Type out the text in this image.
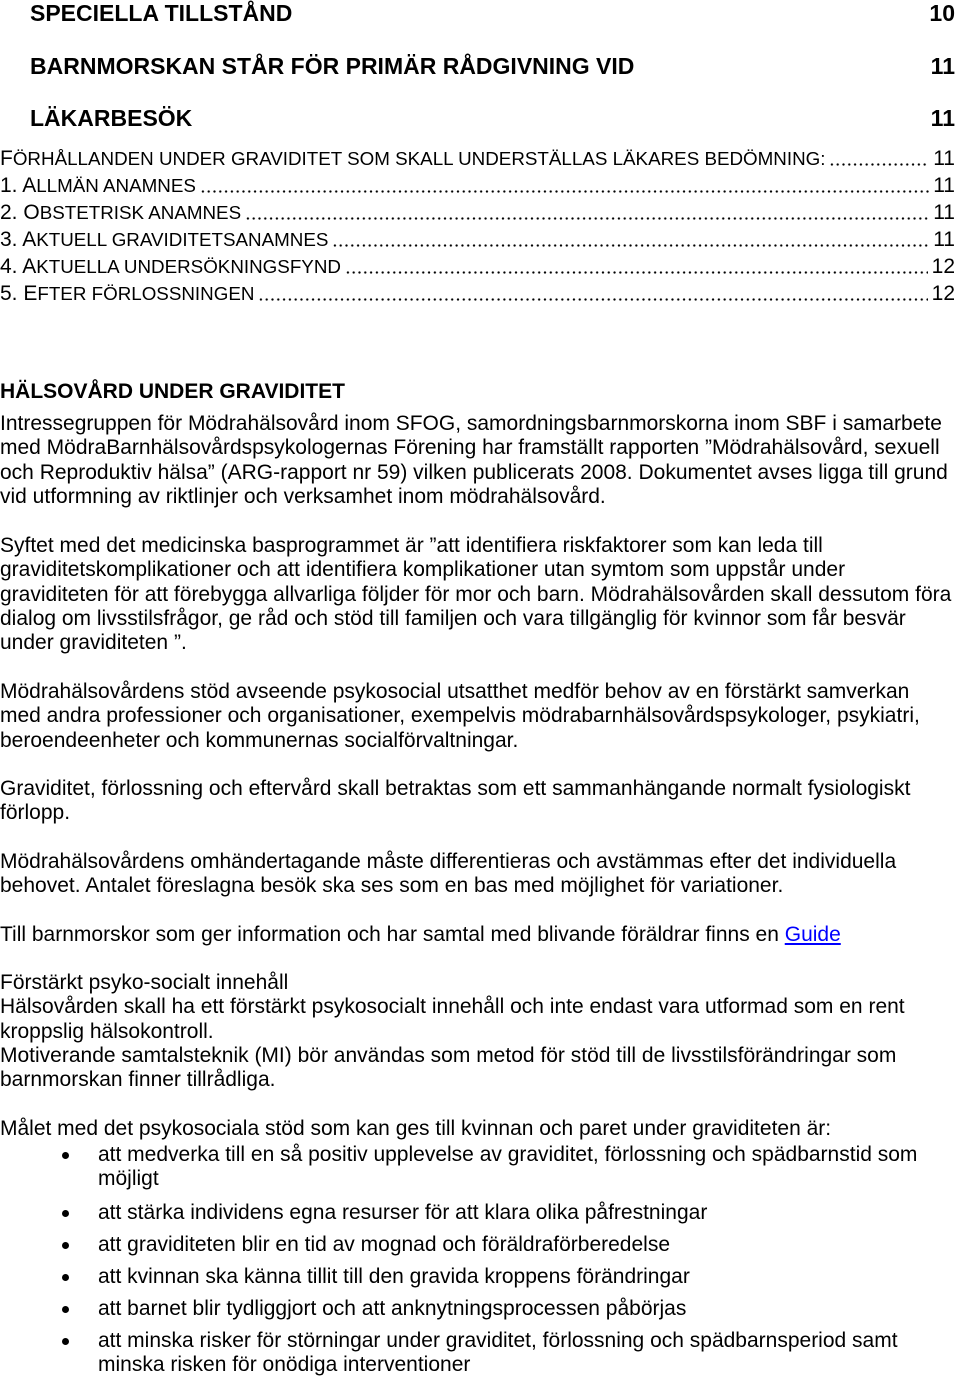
SPECIELLA TILLSTÅND	10
BARNMORSKAN STÅR FÖR PRIMÄR RÅDGIVNING VID	11
LÄKARBESÖK	11
FÖRHÅLLANDEN UNDER GRAVIDITET SOM SKALL UNDERSTÄLLAS LÄKARES BEDÖMNING:	11
1. ALLMÄN ANAMNES	11
2. OBSTETRISK ANAMNES	11
3. AKTUELL GRAVIDITETSANAMNES	11
4. AKTUELLA UNDERSÖKNINGSFYND	12
5. EFTER FÖRLOSSNINGEN	12
HÄLSOVÅRD UNDER GRAVIDITET
Intressegruppen för Mödrahälsovård inom SFOG, samordningsbarnmorskorna inom SBF i samarbete
med MödraBarnhälsovårdspsykologernas Förening har framställt rapporten ”Mödrahälsovård, sexuell
och Reproduktiv hälsa” (ARG-rapport nr 59) vilken publicerats 2008. Dokumentet avses ligga till grund
vid utformning av riktlinjer och verksamhet inom mödrahälsovård.
Syftet med det medicinska basprogrammet är ”att identifiera riskfaktorer som kan leda till
graviditetskomplikationer och att identifiera komplikationer utan symtom som uppstår under
graviditeten för att förebygga allvarliga följder för mor och barn. Mödrahälsovården skall dessutom föra
dialog om livsstilsfrågor, ge råd och stöd till familjen och vara tillgänglig för kvinnor som får besvär
under graviditeten ”.
Mödrahälsovårdens stöd avseende psykosocial utsatthet medför behov av en förstärkt samverkan
med andra professioner och organisationer, exempelvis mödrabarnhälsovårdspsykologer, psykiatri,
beroendeenheter och kommunernas socialförvaltningar.
Graviditet, förlossning och eftervård skall betraktas som ett sammanhängande normalt fysiologiskt
förlopp.
Mödrahälsovårdens omhändertagande måste differentieras och avstämmas efter det individuella
behovet. Antalet föreslagna besök ska ses som en bas med möjlighet för variationer.
Till barnmorskor som ger information och har samtal med blivande föräldrar finns en Guide
Förstärkt psyko-socialt innehåll
Hälsovården skall ha ett förstärkt psykosocialt innehåll och inte endast vara utformad som en rent
kroppslig hälsokontroll.
Motiverande samtalsteknik (MI) bör användas som metod för stöd till de livsstilsförändringar som
barnmorskan finner tillrådliga.
Målet med det psykosociala stöd som kan ges till kvinnan och paret under graviditeten är:
att medverka till en så positiv upplevelse av graviditet, förlossning och spädbarnstid som
möjligt
att stärka individens egna resurser för att klara olika påfrestningar
att graviditeten blir en tid av mognad och föräldraförberedelse
att kvinnan ska känna tillit till den gravida kroppens förändringar
att barnet blir tydliggjort och att anknytningsprocessen påbörjas
att minska risker för störningar under graviditet, förlossning och spädbarnsperiod samt
minska risken för onödiga interventioner
